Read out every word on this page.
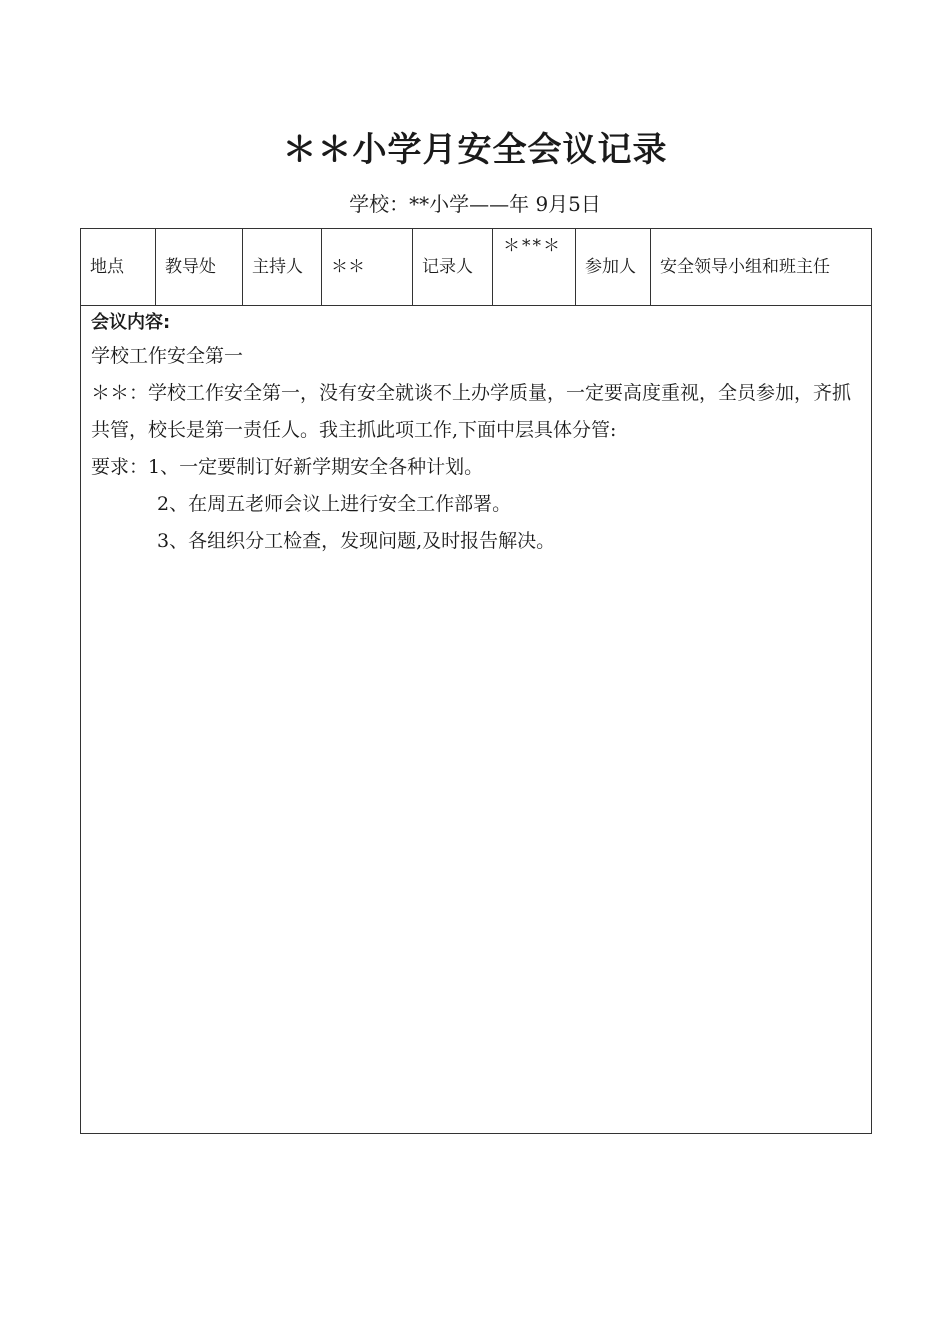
＊＊小学月安全会议记录
学校：**小学——年 9月5日
地点	教导处	主持人	＊＊	记录人	＊**＊	参加人	安全领导小组和班主任

会议内容:

学校工作安全第一

＊＊：学校工作安全第一，没有安全就谈不上办学质量，一定要高度重视，全员参加，齐抓共管，校长是第一责任人。我主抓此项工作,下面中层具体分管:

要求：1、一定要制订好新学期安全各种计划。

2、在周五老师会议上进行安全工作部署。

3、各组织分工检查，发现问题,及时报告解决。
